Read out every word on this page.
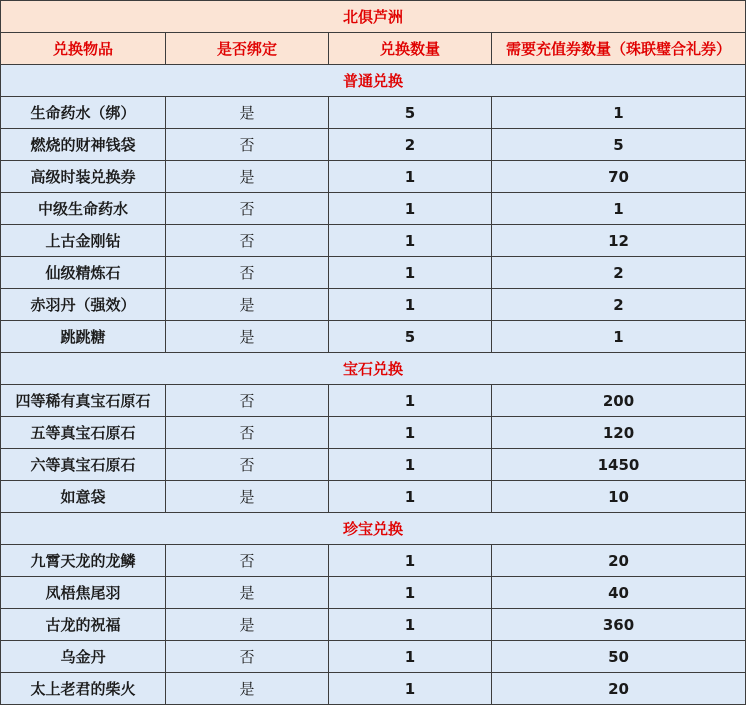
北俱芦洲			
兑换物品	是否绑定	兑换数量	需要充值券数量（珠联璧合礼券）
普通兑换			
生命药水（绑）	是	5	1
燃烧的财神钱袋	否	2	5
高级时装兑换券	是	1	70
中级生命药水	否	1	1
上古金刚钻	否	1	12
仙级精炼石	否	1	2
赤羽丹（强效）	是	1	2
跳跳糖	是	5	1
宝石兑换			
四等稀有真宝石原石	否	1	200
五等真宝石原石	否	1	120
六等真宝石原石	否	1	1450
如意袋	是	1	10
珍宝兑换			
九霄天龙的龙鳞	否	1	20
凤梧焦尾羽	是	1	40
古龙的祝福	是	1	360
乌金丹	否	1	50
太上老君的柴火	是	1	20
